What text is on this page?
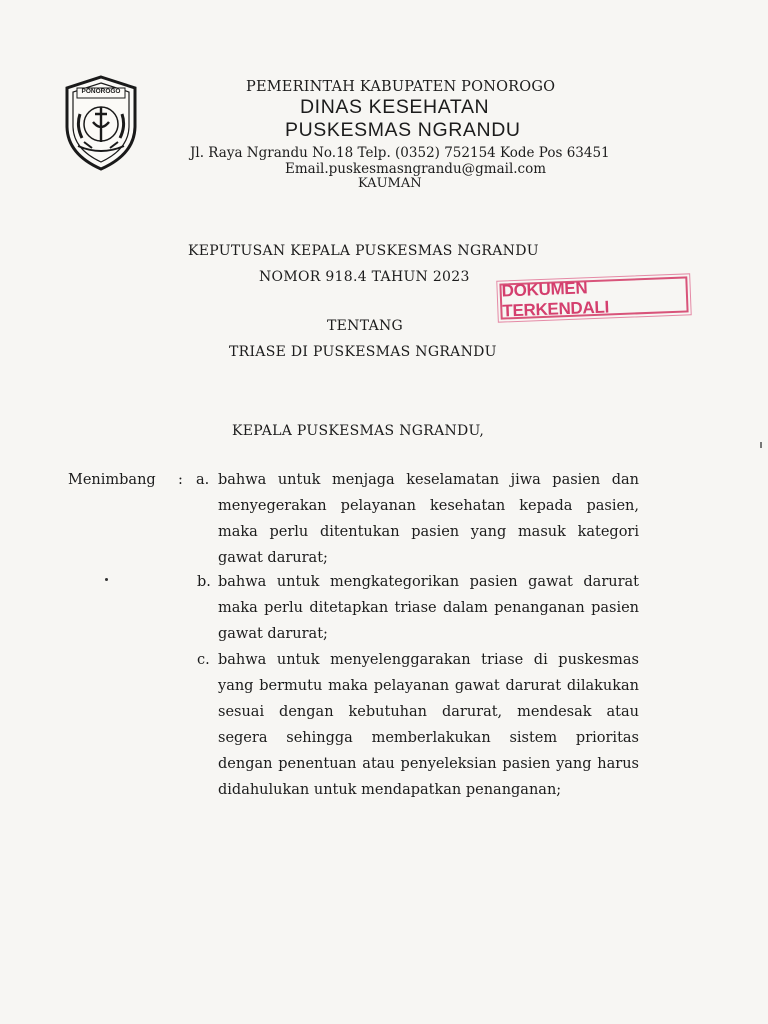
PONOROGO	PEMERINTAH KABUPATEN PONOROGO
DINAS KESEHATAN
PUSKESMAS NGRANDU
Jl. Raya Ngrandu No.18 Telp. (0352) 752154 Kode Pos 63451
Email.puskesmasngrandu@gmail.com
KAUMAN
KEPUTUSAN KEPALA PUSKESMAS NGRANDU
NOMOR 918.4 TAHUN 2023
TENTANG
TRIASE DI PUSKESMAS NGRANDU
KEPALA PUSKESMAS NGRANDU,
DOKUMEN TERKENDALI
Menimbang : a. bahwa untuk menjaga keselamatan jiwa pasien dan menyegerakan pelayanan kesehatan kepada pasien, maka perlu ditentukan pasien yang masuk kategori gawat darurat;
b. bahwa untuk mengkategorikan pasien gawat darurat maka perlu ditetapkan triase dalam penanganan pasien gawat darurat;
c. bahwa untuk menyelenggarakan triase di puskesmas yang bermutu maka pelayanan gawat darurat dilakukan sesuai dengan kebutuhan darurat, mendesak atau segera sehingga memberlakukan sistem prioritas dengan penentuan atau penyeleksian pasien yang harus didahulukan untuk mendapatkan penanganan;
